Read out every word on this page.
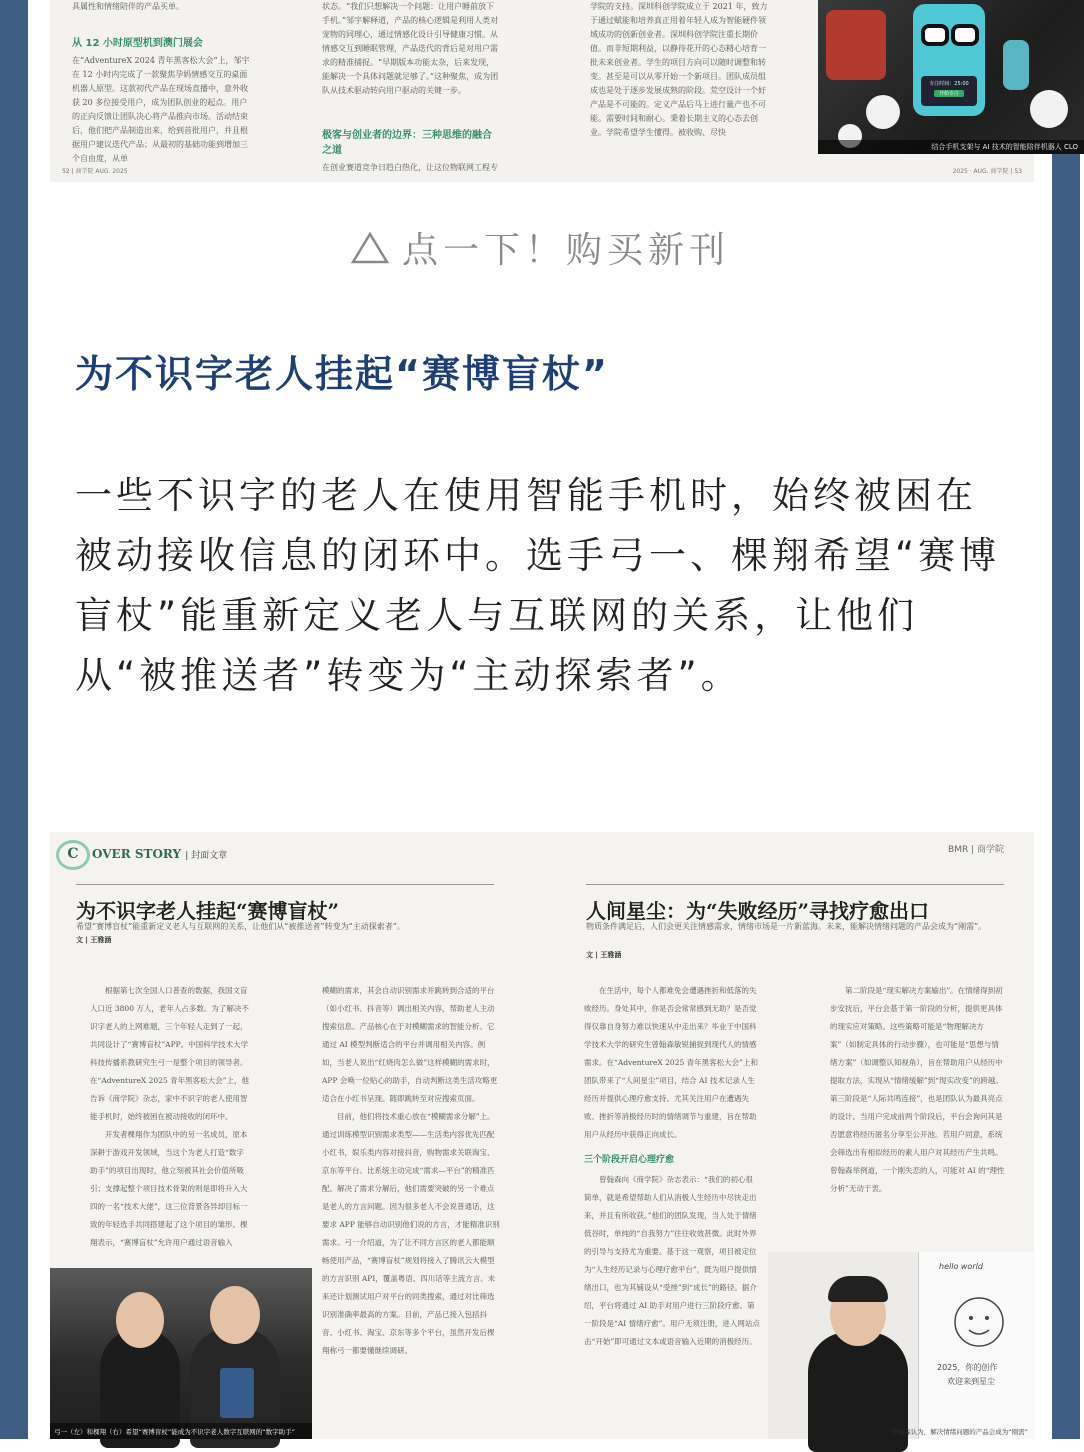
具属性和情绪陪伴的产品买单。

从 12 小时原型机到澳门展会

在“AdventureX 2024 青年黑客松大会”上，邹宇在 12 小时内完成了一款聚焦孕妈情感交互的桌面机器人原型。这款初代产品在现场直播中，意外收获 20 多位接受用户，成为团队创业的起点。用户的正向反馈让团队决心将产品推向市场。活动结束后，他们把产品制造出来，给到首批用户，并且根据用户建议迭代产品；从最初的基础功能到增加三个自由度，从单

状态。“我们只想解决一个问题：让用户睡前放下手机。”邹宇解释道，产品的核心逻辑是利用人类对宠物的同理心，通过情感化设计引导健康习惯。从情感交互到睡眠管理，产品迭代的背后是对用户需求的精准捕捉。“早期版本功能太杂，后来发现，能解决一个具体问题就足够了。”这种聚焦，成为团队从技术驱动转向用户驱动的关键一步。

极客与创业者的边界：三种思维的融合之道

在创业赛道竞争日趋白热化，让这位物联网工程专

学院的支持。深圳科创学院成立于 2021 年，致力于通过赋能和培养真正用着年轻人成为智能硬件领域成功的创新创业者。深圳科创学院注重长期价值。而非短期利益，以静待花开的心态精心培育一批未来创业者。学生的项目方向可以随时调整和转变。甚至是可以从零开始一个新项目。团队成员组成也是处于逐步发展成熟的阶段。荒空设计一个好产品是不可能的。定义产品后马上进行量产也不可能。需要时间和耐心。秉着长期主义的心态去创业。学院希望学生懂得。被收购、尽快

专注时间：25:00
开始专注
结合手机支架与 AI 技术的智能陪伴机器人 CLO
52 | 商学院 AUG. 2025	2025 · AUG. 商学院 | 53
点一下！购买新刊
为不识字老人挂起“赛博盲杖”

一些不识字的老人在使用智能手机时，始终被困在被动接收信息的闭环中。选手弓一、棵翔希望“赛博盲杖”能重新定义老人与互联网的关系，让他们从“被推送者”转变为“主动探索者”。

C OVER STORY | 封面文章
BMR | 商学院
为不识字老人挂起“赛博盲杖”

希望“赛博盲杖”能重新定义老人与互联网的关系，让他们从“被推送者”转变为“主动探索者”。

文 | 王雅涵

根据第七次全国人口普查的数据，我国文盲人口近 3800 万人，老年人占多数。为了解决不识字老人的上网难题，三个年轻人走到了一起，共同设计了“赛博盲杖”APP。中国科学技术大学科技传播系教研究生弓一是整个项目的领导者。在“AdventureX 2025 青年黑客松大会”上，他告诉《商学院》杂志，家中不识字的老人使用智能手机时，始终被困在被动接收的闭环中。

开发者棵翔作为团队中的另一名成员，原本深耕于游戏开发领域，当这个为老人打造“数字助手”的项目出现时，他立刻被其社会价值所吸引；支撑起整个项目技术骨架的则是即将升入大四的一名“技术大佬”，这三位背景各异却目标一致的年轻选手共同搭建起了这个项目的雏形。棵翔表示，“赛博盲杖”允许用户通过语音输入

模糊的需求，其会自动识别需求并跳转到合适的平台（如小红书、抖音等）调出相关内容，帮助老人主动搜索信息。产品核心在于对模糊需求的智能分析。它通过 AI 模型判断适合的平台并调用相关内容。例如，当老人说出“红烧肉怎么做”这样模糊的需求时，APP 会唤一位贴心的助手，自动判断这类生活攻略更适合在小红书呈现。随即跳转至对应搜索页面。

目前，他们将技术重心放在“模糊需求分解”上。通过训练模型识别需求类型——生活类内容优先匹配小红书，娱乐类内容对接抖音，购物需求关联淘宝、京东等平台。比系统主动完成“需求—平台”的精准匹配。解决了需求分解后，他们需要突破的另一个难点是老人的方言问题。因为很多老人不会说普通话，这要求 APP 能够自动识别他们说的方言，才能精准识别需求。弓一介绍道，为了让不同方言区的老人都能顺畅使用产品，“赛博盲杖”规划将接入了腾讯云大模型的方言识别 API，覆盖粤语、四川话等主流方言。未来还计划测试用户对平台的同类搜索，通过对比筛选识别准确率最高的方案。目前，产品已接入包括抖音、小红书、淘宝、京东等多个平台，虽然开发后棵翔称弓一都要懂继续调研。

弓一（左）和棵翔（右）希望“赛博盲杖”能成为不识字老人数字互联网的“数字助手”
人间星尘：为“失败经历”寻找疗愈出口

物质条件满足后，人们会更关注情感需求，情绪市场是一片新蓝海。未来，能解决情绪问题的产品会成为“刚需”。

文 | 王雅涵

在生活中，每个人都难免会遭遇挫折和低落的失败经历。身处其中，你是否会常常感到无助？是否觉得仅靠自身努力难以快速从中走出来？毕业于中国科学技术大学的研究生曾翰森敏锐捕捉到现代人的情感需求。在“AdventureX 2025 青年黑客松大会”上和团队带来了“人间星尘”项目，结合 AI 技术记录人生经历并提供心理疗愈支持。尤其关注用户在遭遇失败、挫折等消极经历时的情绪调节与重建，旨在帮助用户从经历中获得正向成长。

三个阶段开启心理疗愈

曾翰森向《商学院》杂志表示：“我们的初心很简单，就是希望帮助人们从消极人生经历中尽快走出来，并且有所收获。”他们的团队发现，当人处于情绪低谷时，单纯的“自我努力”往往收效甚微。此时外界的引导与支持尤为重要。基于这一观察，项目被定位为“人生经历记录与心理疗愈平台”，既为用户提供情绪出口，也为其铺设从“受挫”到“成长”的路径。据介绍，平台将通过 AI 助手对用户进行三阶段疗愈。第一阶段是“AI 情绪疗愈”。用户无须注册，进入网站点击“开始”即可通过文本或语音输入近期的消极经历。

第二阶段是“现实解决方案输出”。在情绪得到初步安抚后，平台会基于第一阶段的分析，提供更具体的现实应对策略。这些策略可能是“物理解决方案”（如制定具体的行动步骤），也可能是“思想与情绪方案”（如调整认知视角），旨在帮助用户从经历中提取方法，实现从“情绪缓解”到“现实改变”的跨越。第三阶段是“人际共鸣连接”，也是团队认为最具亮点的设计。当用户完成前两个阶段后，平台会询问其是否愿意将经历匿名分享至公开池。若用户同意，系统会筛选出有相似经历的素人用户对其经历产生共鸣。曾翰森举例道，一个刚失恋的人，可能对 AI 的“理性分析”无动于衷。

hello world
2025，你的创作
欢迎来到星尘
曾翰森认为，解决情绪问题的产品会成为“刚需”
